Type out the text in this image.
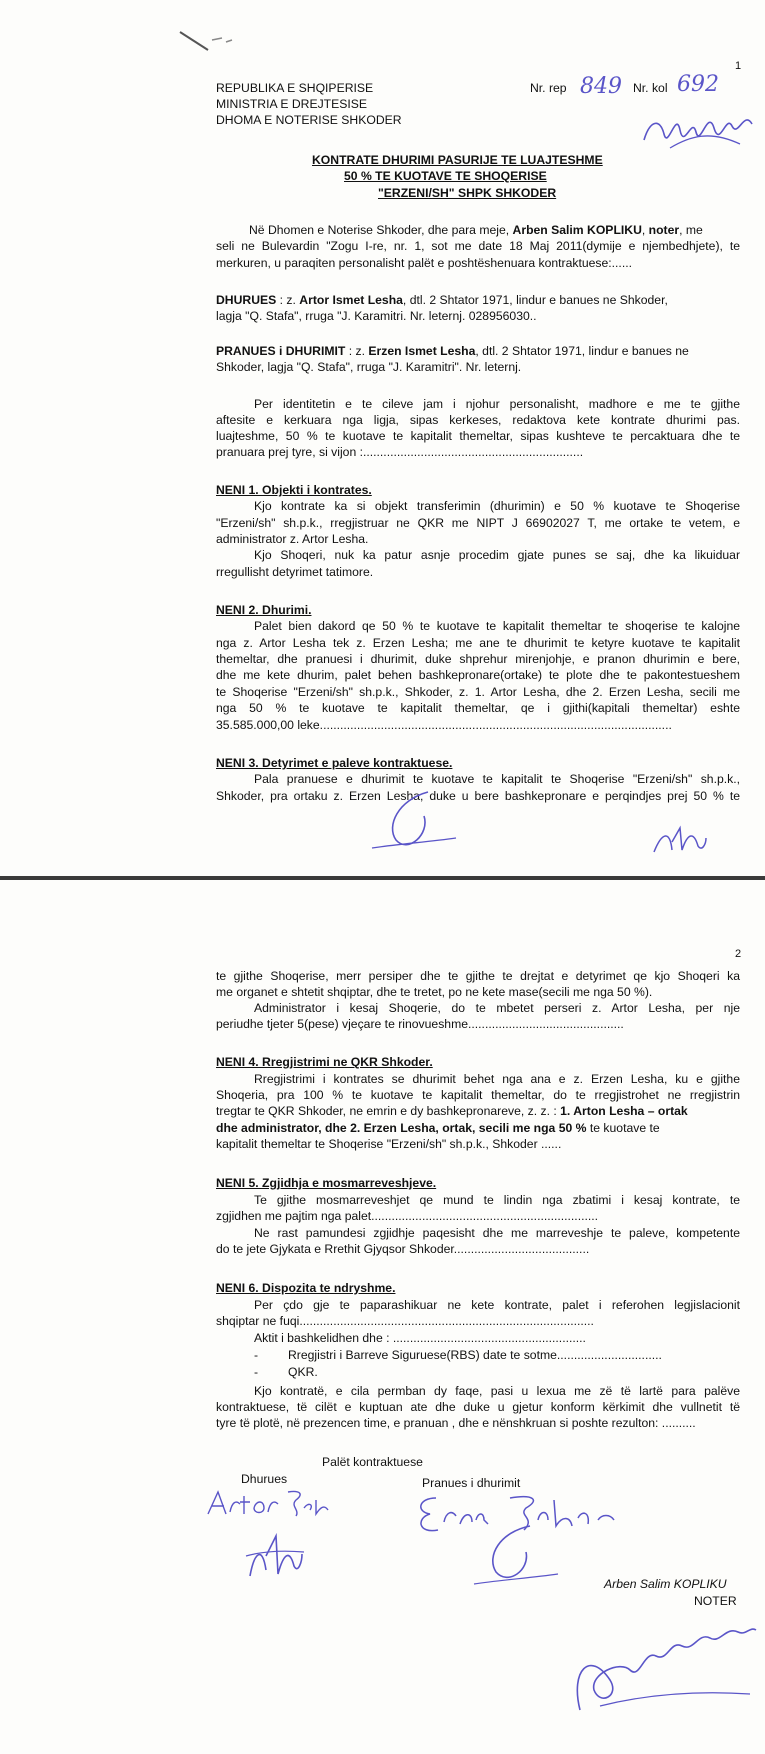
1
REPUBLIKA E SHQIPERISE
MINISTRIA E DREJTESISE
DHOMA E NOTERISE SHKODER
Nr. rep 849 Nr. kol 692
KONTRATE DHURIMI PASURIJE TE LUAJTESHME
50 % TE KUOTAVE TE SHOQERISE
"ERZENI/SH" SHPK SHKODER
Në Dhomen e Noterise Shkoder, dhe para meje, Arben Salim KOPLIKU, noter, me
seli ne Bulevardin "Zogu I-re, nr. 1, sot me date 18 Maj 2011(dymije e njembedhjete), te
merkuren, u paraqiten personalisht palët e poshtëshenuara kontraktuese:......
DHURUES : z. Artor Ismet Lesha, dtl. 2 Shtator 1971, lindur e banues ne Shkoder,
lagja "Q. Stafa", rruga "J. Karamitri. Nr. leternj. 028956030..
PRANUES i DHURIMIT : z. Erzen Ismet Lesha, dtl. 2 Shtator 1971, lindur e banues ne
Shkoder, lagja "Q. Stafa", rruga "J. Karamitri". Nr. leternj.
Per identitetin e te cileve jam i njohur personalisht, madhore e me te gjithe
aftesite e kerkuara nga ligja, sipas kerkeses, redaktova kete kontrate dhurimi pas.
luajteshme, 50 % te kuotave te kapitalit themeltar, sipas kushteve te percaktuara dhe te
pranuara prej tyre, si vijon :.................................................................
NENI 1. Objekti i kontrates.
Kjo kontrate ka si objekt transferimin (dhurimin) e 50 % kuotave te Shoqerise
"Erzeni/sh" sh.p.k., rregjistruar ne QKR me NIPT J 66902027 T, me ortake te vetem, e
administrator z. Artor Lesha.
Kjo Shoqeri, nuk ka patur asnje procedim gjate punes se saj, dhe ka likuiduar
rregullisht detyrimet tatimore.
NENI 2. Dhurimi.
Palet bien dakord qe 50 % te kuotave te kapitalit themeltar te shoqerise te kalojne
nga z. Artor Lesha tek z. Erzen Lesha; me ane te dhurimit te ketyre kuotave te kapitalit
themeltar, dhe pranuesi i dhurimit, duke shprehur mirenjohje, e pranon dhurimin e bere,
dhe me kete dhurim, palet behen bashkepronare(ortake) te plote dhe te pakontestueshem
te Shoqerise "Erzeni/sh" sh.p.k., Shkoder, z. 1. Artor Lesha, dhe 2. Erzen Lesha, secili me
nga 50 % te kuotave te kapitalit themeltar, qe i gjithi(kapitali themeltar) eshte
35.585.000,00 leke........................................................................................................
NENI 3. Detyrimet e paleve kontraktuese.
Pala pranuese e dhurimit te kuotave te kapitalit te Shoqerise "Erzeni/sh" sh.p.k.,
Shkoder, pra ortaku z. Erzen Lesha, duke u bere bashkepronare e perqindjes prej 50 % te
2
te gjithe Shoqerise, merr persiper dhe te gjithe te drejtat e detyrimet qe kjo Shoqeri ka
me organet e shtetit shqiptar, dhe te tretet, po ne kete mase(secili me nga 50 %).
Administrator i kesaj Shoqerie, do te mbetet perseri z. Artor Lesha, per nje
periudhe tjeter 5(pese) vjeçare te rinovueshme..............................................
NENI 4. Rregjistrimi ne QKR Shkoder.
Rregjistrimi i kontrates se dhurimit behet nga ana e z. Erzen Lesha, ku e gjithe
Shoqeria, pra 100 % te kuotave te kapitalit themeltar, do te rregjistrohet ne rregjistrin
tregtar te QKR Shkoder, ne emrin e dy bashkepronareve, z. z. : 1. Arton Lesha – ortak
dhe administrator, dhe 2. Erzen Lesha, ortak, secili me nga 50 % te kuotave te
kapitalit themeltar te Shoqerise "Erzeni/sh" sh.p.k., Shkoder ......
NENI 5. Zgjidhja e mosmarreveshjeve.
Te gjithe mosmarreveshjet qe mund te lindin nga zbatimi i kesaj kontrate, te
zgjidhen me pajtim nga palet...................................................................
Ne rast pamundesi zgjidhje paqesisht dhe me marreveshje te paleve, kompetente
do te jete Gjykata e Rrethit Gjyqsor Shkoder........................................
NENI 6. Dispozita te ndryshme.
Per çdo gje te paparashikuar ne kete kontrate, palet i referohen legjislacionit
shqiptar ne fuqi.......................................................................................
Aktit i bashkelidhen dhe : .........................................................
- Rregjistri i Barreve Siguruese(RBS) date te sotme...............................
- QKR.
Kjo kontratë, e cila permban dy faqe, pasi u lexua me zë të lartë para palëve
kontraktuese, të cilët e kuptuan ate dhe duke u gjetur konform kërkimit dhe vullnetit të
tyre të plotë, në prezencen time, e pranuan , dhe e nënshkruan si poshte rezulton: ..........
Palët kontraktuese
Dhurues	Pranues i dhurimit
Arben Salim KOPLIKU
NOTER
